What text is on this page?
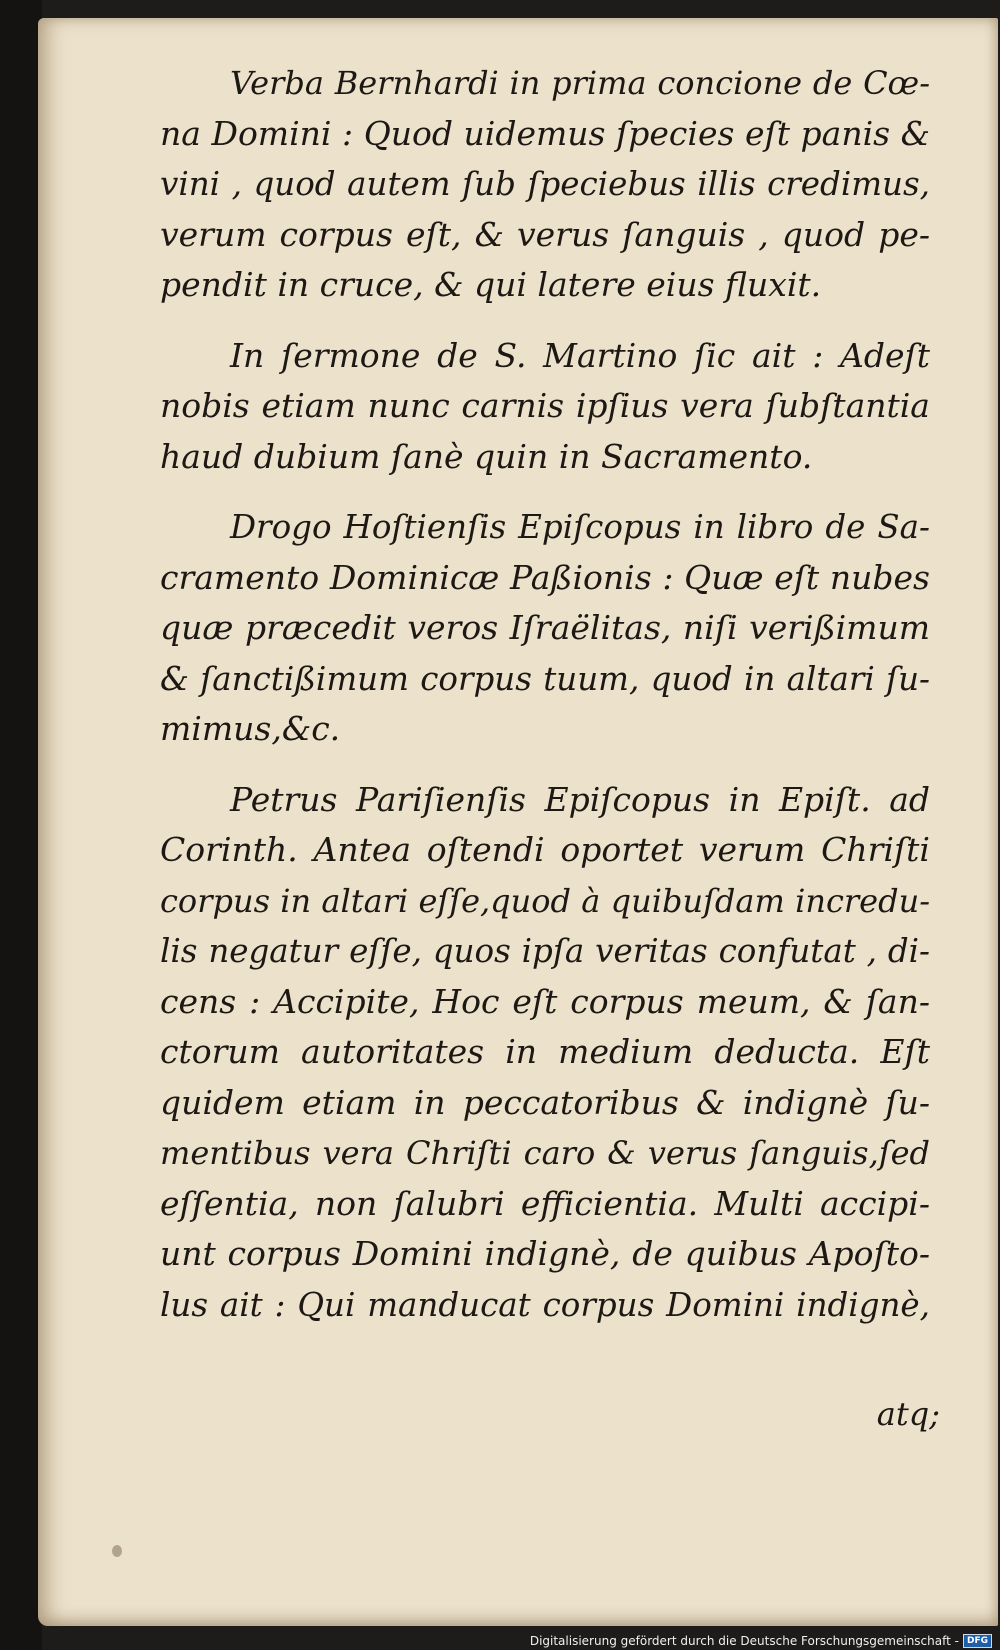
Verba Bernhardi in prima concione de Cœ-
na Domini : Quod uidemus ſpecies eſt panis &
vini , quod autem ſub ſpeciebus illis credimus,
verum corpus eſt, & verus ſanguis , quod pe-
pendit in cruce, & qui latere eius fluxit.

In ſermone de S. Martino ſic ait : Adeſt
nobis etiam nunc carnis ipſius vera ſubſtantia
haud dubium ſanè quin in Sacramento.

Drogo Hoſtienſis Epiſcopus in libro de Sa-
cramento Dominicæ Paßionis : Quæ eſt nubes
quæ præcedit veros Iſraëlitas, niſi verißimum
& ſanctißimum corpus tuum, quod in altari ſu-
mimus,&c.

Petrus Pariſienſis Epiſcopus in Epiſt. ad
Corinth. Antea oſtendi oportet verum Chriſti
corpus in altari eſſe,quod à quibuſdam incredu-
lis negatur eſſe, quos ipſa veritas confutat , di-
cens : Accipite, Hoc eſt corpus meum, & ſan-
ctorum autoritates in medium deducta. Eſt
quidem etiam in peccatoribus & indignè ſu-
mentibus vera Chriſti caro & verus ſanguis,ſed
eſſentia, non ſalubri efficientia. Multi accipi-
unt corpus Domini indignè, de quibus Apoſto-
lus ait : Qui manducat corpus Domini indignè,

atq;
Digitalisierung gefördert durch die Deutsche Forschungsgemeinschaft - DFG
